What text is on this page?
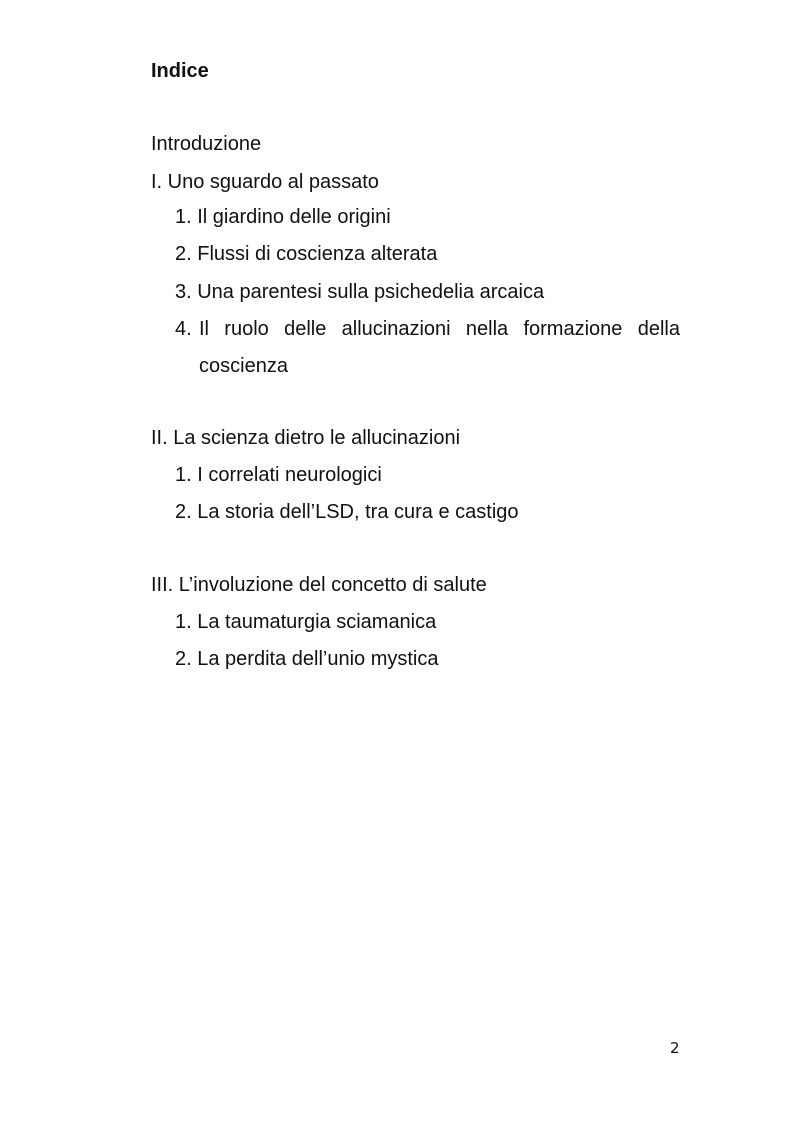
Indice
Introduzione
I. Uno sguardo al passato
1. Il giardino delle origini
2. Flussi di coscienza alterata
3. Una parentesi sulla psichedelia arcaica
4. Il ruolo delle allucinazioni nella formazione della
coscienza
II. La scienza dietro le allucinazioni
1. I correlati neurologici
2. La storia dell’LSD, tra cura e castigo
III. L’involuzione del concetto di salute
1. La taumaturgia sciamanica
2. La perdita dell’unio mystica
2
